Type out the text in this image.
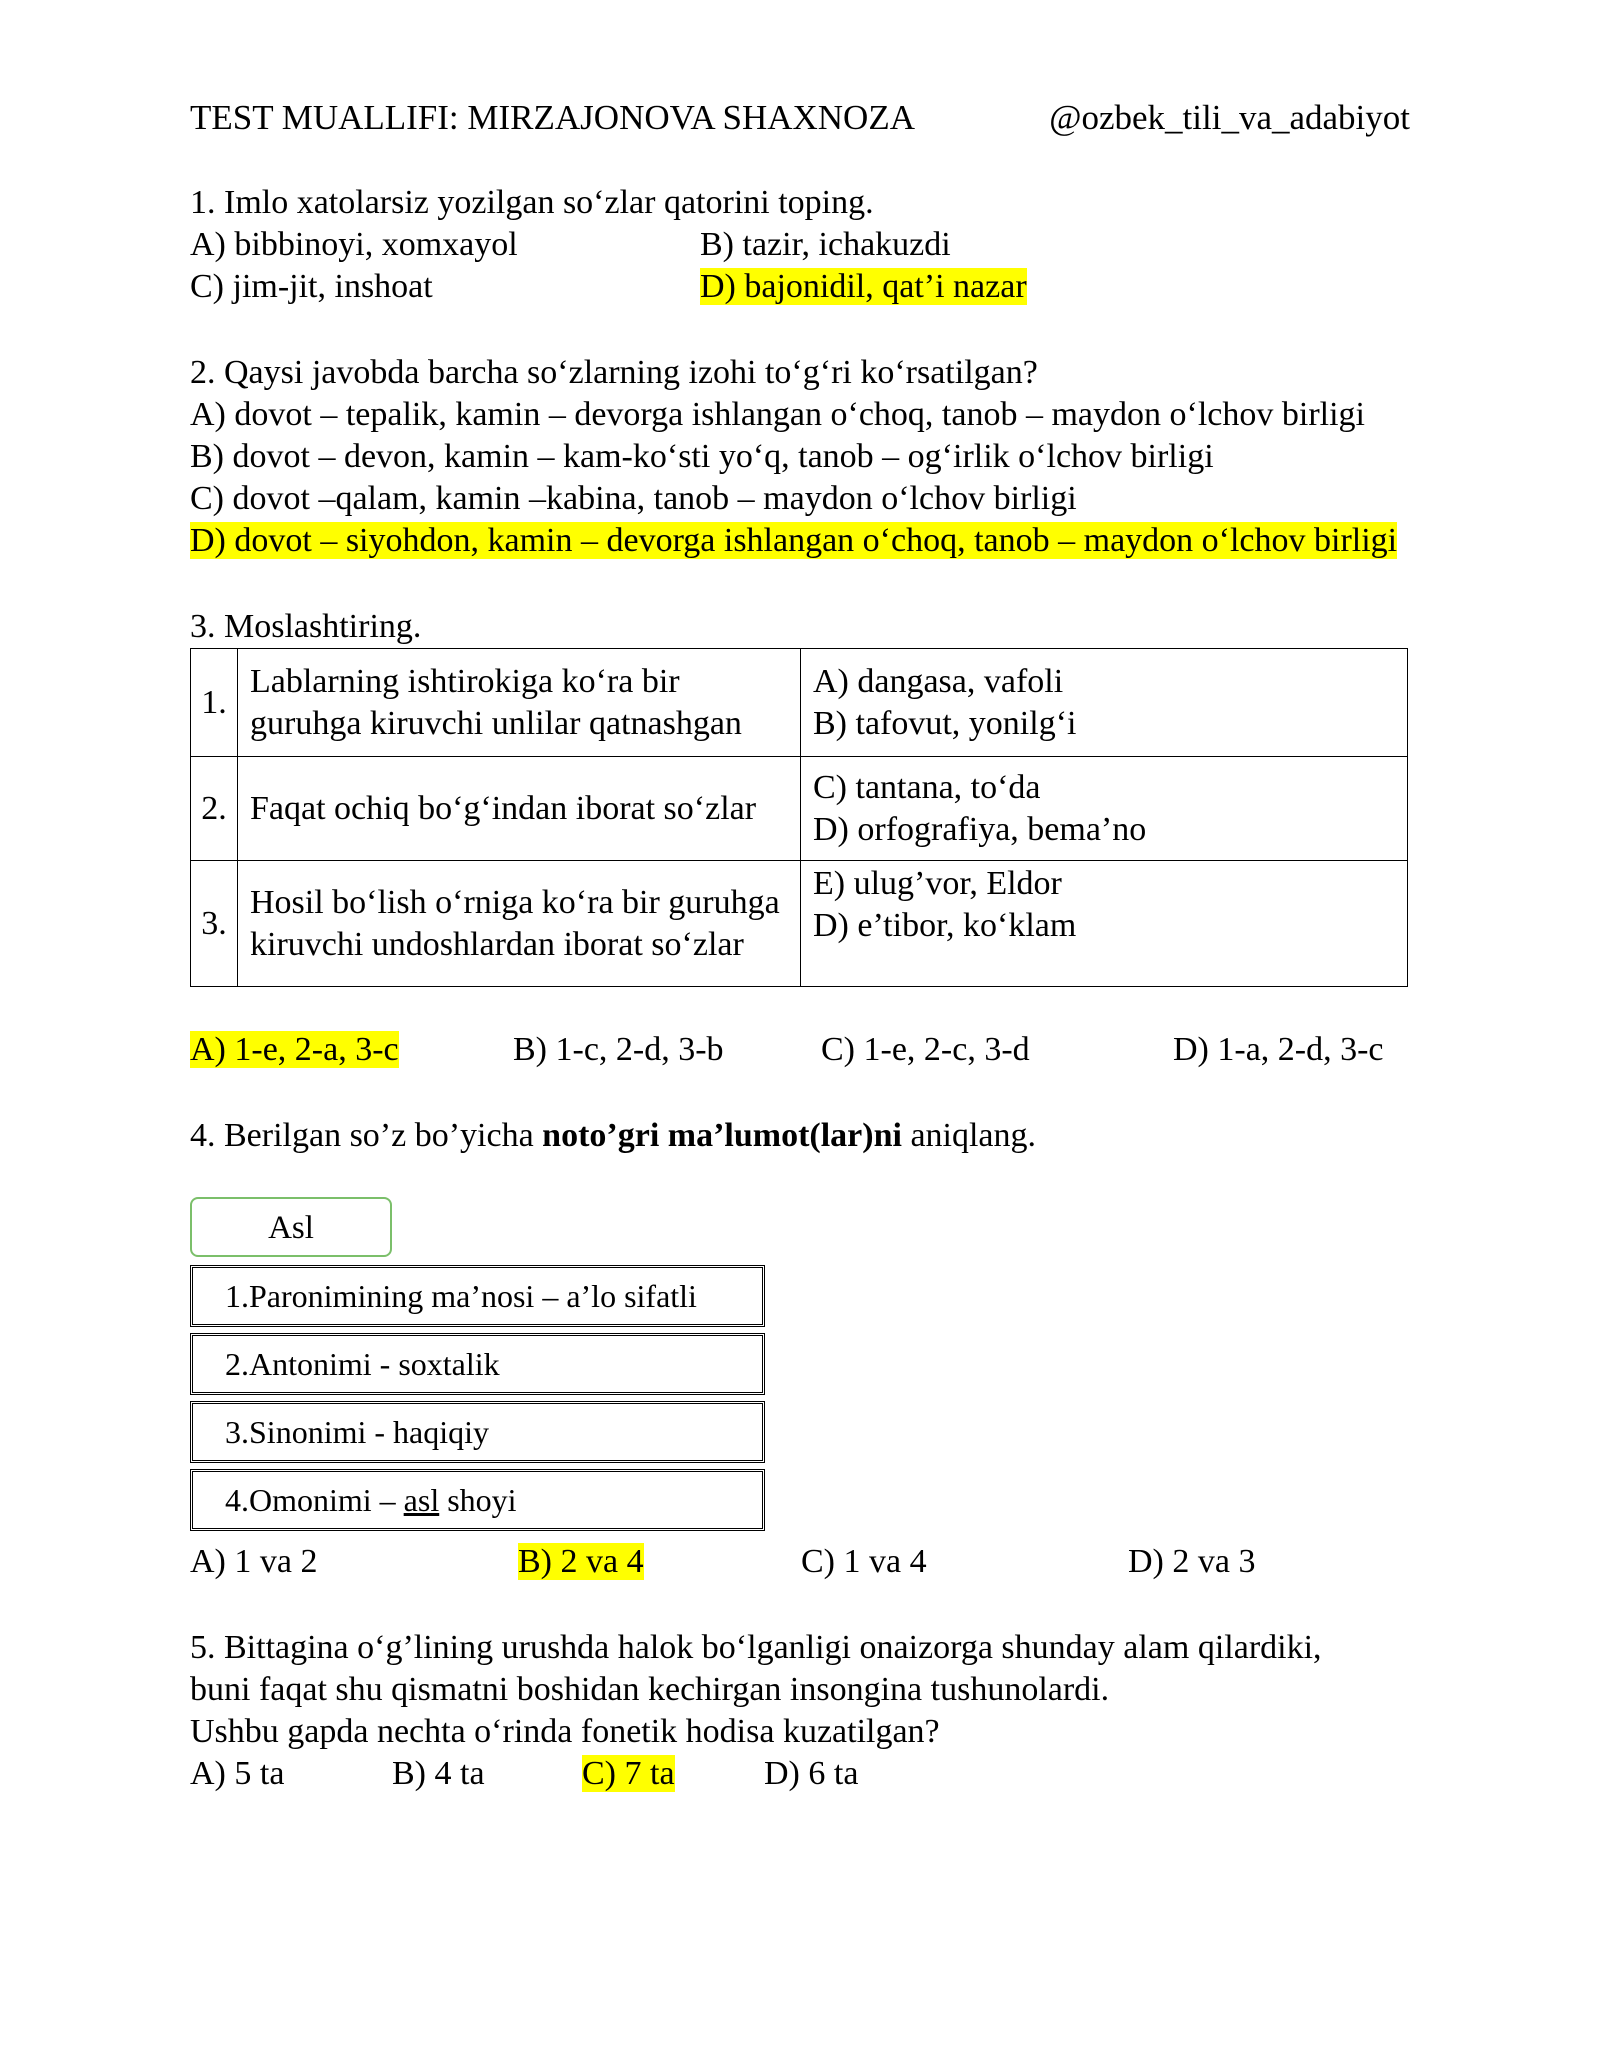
TEST MUALLIFI: MIRZAJONOVA SHAXNOZA	@ozbek_tili_va_adabiyot
1. Imlo xatolarsiz yozilgan so‘zlar qatorini toping.
A) bibbinoyi, xomxayol	B) tazir, ichakuzdi
C) jim-jit, inshoat	D) bajonidil, qat’i nazar
2. Qaysi javobda barcha so‘zlarning izohi to‘g‘ri ko‘rsatilgan?
A) dovot – tepalik, kamin – devorga ishlangan o‘choq, tanob – maydon o‘lchov birligi
B) dovot – devon, kamin – kam-ko‘sti yo‘q, tanob – og‘irlik o‘lchov birligi
C) dovot –qalam, kamin –kabina, tanob – maydon o‘lchov birligi
D) dovot – siyohdon, kamin – devorga ishlangan o‘choq, tanob – maydon o‘lchov birligi
3. Moslashtiring.
1.	Lablarning ishtirokiga ko‘ra bir guruhga kiruvchi unlilar qatnashgan	A) dangasa, vafoli
B) tafovut, yonilg‘i

2.	Faqat ochiq bo‘g‘indan iborat so‘zlar	C) tantana, to‘da
D) orfografiya, bema’no

3.	Hosil bo‘lish o‘rniga ko‘ra bir guruhga kiruvchi undoshlardan iborat so‘zlar	E) ulug’vor, Eldor
D) e’tibor, ko‘klam
A) 1-e, 2-a, 3-c	B) 1-c, 2-d, 3-b	C) 1-e, 2-c, 3-d	D) 1-a, 2-d, 3-c
4. Berilgan so’z bo’yicha noto’gri ma’lumot(lar)ni aniqlang.
Asl
1.Paronimining ma’nosi – a’lo sifatli
2.Antonimi - soxtalik
3.Sinonimi - haqiqiy
4.Omonimi – asl shoyi
A) 1 va 2	B) 2 va 4	C) 1 va 4	D) 2 va 3
5. Bittagina o‘g’lining urushda halok bo‘lganligi onaizorga shunday alam qilardiki,
buni faqat shu qismatni boshidan kechirgan insongina tushunolardi.
Ushbu gapda nechta o‘rinda fonetik hodisa kuzatilgan?
A) 5 ta	B) 4 ta	C) 7 ta	D) 6 ta
